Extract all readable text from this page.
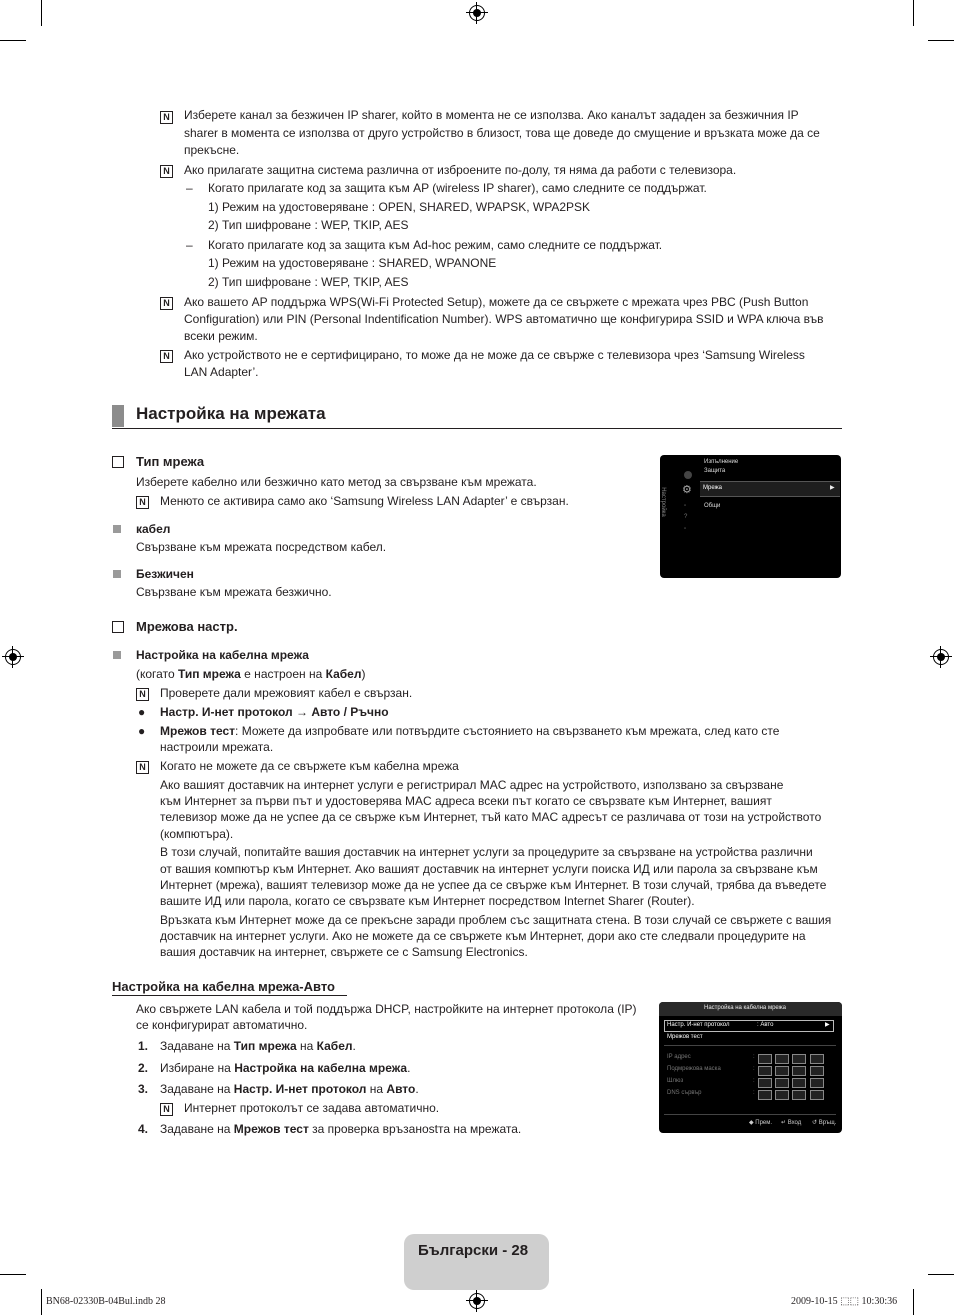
N
Изберете канал за безжичен IP sharer, който в момента не се използва. Ако каналът зададен за безжичния IP
sharer в момента се използва от друго устройство в близост, това ще доведе до смущение и връзката може да се
прекъсне.
N
Ако прилагате защитна система различна от изброените по-долу, тя няма да работи с телевизора.
– Когато прилагате код за защита към AP (wireless IP sharer), само следните се поддържат.
1) Режим на удостоверяване : OPEN, SHARED, WPAPSK, WPA2PSK
2) Тип шифроване : WEP, TKIP, AES
– Когато прилагате код за защита към Ad-hoc режим, само следните се поддържат.
1) Режим на удостоверяване : SHARED, WPANONE
2) Тип шифроване : WEP, TKIP, AES
N
Ако вашето AP поддържа WPS(Wi-Fi Protected Setup), можете да се свържете с мрежата чрез PBC (Push Button
Configuration) или PIN (Personal Indentification Number). WPS автоматично ще конфигурира SSID и WPA ключа във
всеки режим.
N
Ако устройството не е сертифицирано, то може да не може да се свърже с телевизора чрез ‘Samsung Wireless
LAN Adapter’.
Настройка на мрежата
Тип мрежа
Изберете кабелно или безжично като метод за свързване към мрежата.
N
Менюто се активира само ако ‘Samsung Wireless LAN Adapter’ е свързан.
кабел
Свързване към мрежата посредством кабел.
Безжичен
Свързване към мрежата безжично.
Настройка ⚙
▫
?
▫
Изпълнение
Защита
Мрежа	▶
Общи
Мрежова настр.
Настройка на кабелна мрежа
(когато Тип мрежа е настроен на Кабел)
N
Проверете дали мрежовият кабел е свързан.
● Настр. И-нет протокол → Авто / Ръчно
● Мрежов тест: Можете да изпробвате или потвърдите състоянието на свързването към мрежата, след като сте
настроили мрежата.
N
Когато не можете да се свържете към кабелна мрежа
Ако вашият доставчик на интернет услуги е регистрирал MAC адрес на устройството, използвано за свързване
към Интернет за първи път и удостоверява MAC адреса всеки път когато се свързвате към Интернет, вашият
телевизор може да не успее да се свърже към Интернет, тъй като MAC адресът се различава от този на устройството
(компютъра).
В този случай, попитайте вашия доставчик на интернет услуги за процедурите за свързване на устройства различни
от вашия компютър към Интернет. Ако вашият доставчик на интернет услуги поиска ИД или парола за свързване към
Интернет (мрежа), вашият телевизор може да не успее да се свърже към Интернет. В този случай, трябва да въведете
вашите ИД или парола, когато се свързвате към Интернет посредством Internet Sharer (Router).
Връзката към Интернет може да се прекъсне заради проблем със защитната стена. В този случай се свържете с вашия
доставчик на интернет услуги. Ако не можете да се свържете към Интернет, дори ако сте следвали процедурите на
вашия доставчик на интернет, свържете се с Samsung Electronics.
Настройка на кабелна мрежа-Авто
Ако свържете LAN кабела и той поддържа DHCP, настройките на интернет протокола (IP)
се конфигурират автоматично.
1. Задаване на Тип мрежа на Кабел.
2. Избиране на Настройка на кабелна мрежа.
3. Задаване на Настр. И-нет протокол на Авто.
N
Интернет протоколът се задава автоматично.
4. Задаване на Мрежов тест за проверка връзанostта на мрежата.
Настройка на кабелна мрежа
Настр. И-нет протокол	: Авто	▶
Мрежов тест
IP адрес
Подмрежова маска
Шлюз
DNS сървър
:
:
:
:
◆ Прем. ↵ Вход ↺ Връщ.
Български - 28
BN68-02330B-04Bul.indb 28	2009-10-15 ⬚⬚ 10:30:36
